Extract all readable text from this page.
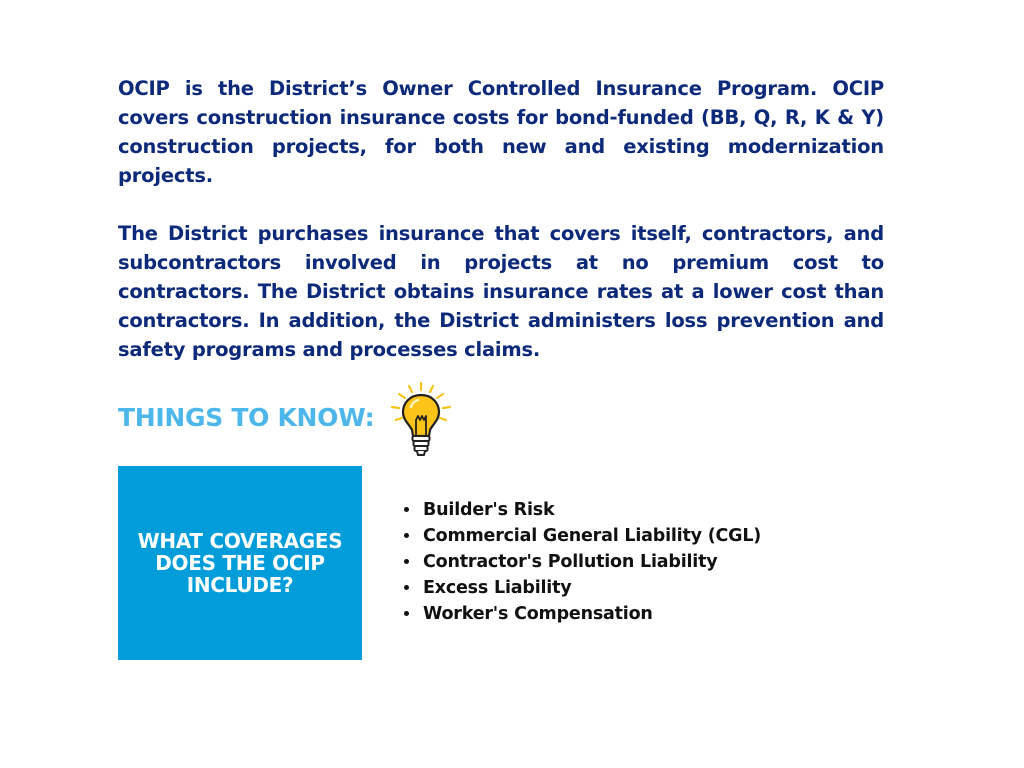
OCIP is the District’s Owner Controlled Insurance Program. OCIP covers construction insurance costs for bond-funded (BB, Q, R, K & Y) construction projects, for both new and existing modernization projects.

The District purchases insurance that covers itself, contractors, and subcontractors involved in projects at no premium cost to contractors. The District obtains insurance rates at a lower cost than contractors. In addition, the District administers loss prevention and safety programs and processes claims.

THINGS TO KNOW:
WHAT COVERAGES DOES THE OCIP INCLUDE?
• Builder's Risk
• Commercial General Liability (CGL)
• Contractor's Pollution Liability
• Excess Liability
• Worker's Compensation
